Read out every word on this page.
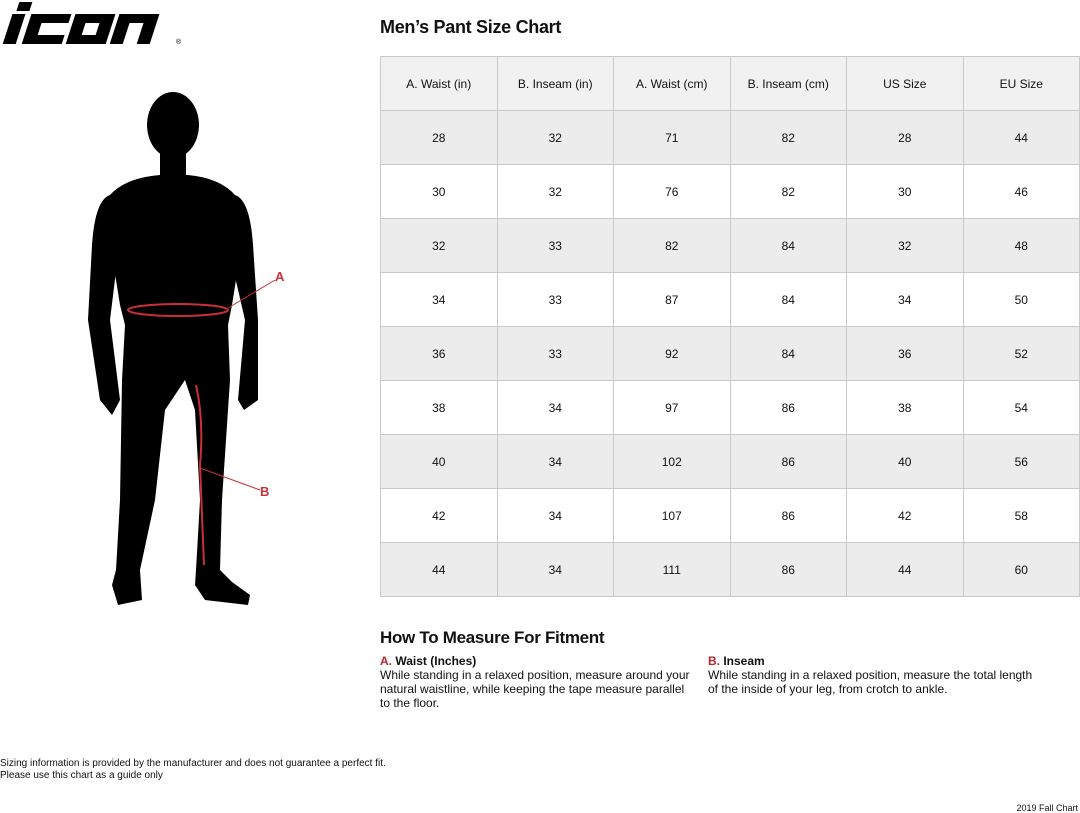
®
A
B
Men’s Pant Size Chart
A. Waist (in)	B. Inseam (in)	A. Waist (cm)	B. Inseam (cm)	US Size	EU Size
28	32	71	82	28	44
30	32	76	82	30	46
32	33	82	84	32	48
34	33	87	84	34	50
36	33	92	84	36	52
38	34	97	86	38	54
40	34	102	86	40	56
42	34	107	86	42	58
44	34	111	86	44	60
How To Measure For Fitment
A. Waist (Inches)
While standing in a relaxed position, measure around your natural waistline, while keeping the tape measure parallel to the floor.
B. Inseam
While standing in a relaxed position, measure the total length of the inside of your leg, from crotch to ankle.
Sizing information is provided by the manufacturer and does not guarantee a perfect fit.
Please use this chart as a guide only
2019 Fall Chart
